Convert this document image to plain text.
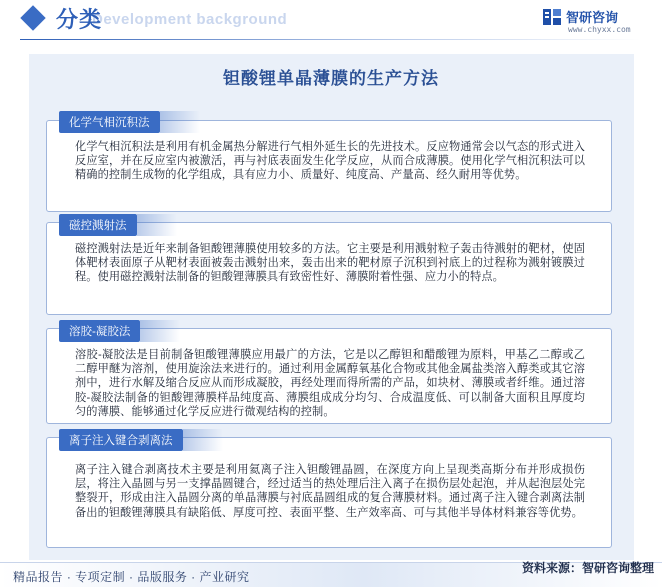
Development background
分类	智研咨询
www.chyxx.com
钽酸锂单晶薄膜的生产方法
化学气相沉积法
化学气相沉积法是利用有机金属热分解进行气相外延生长的先进技术。反应物通常会以气态的形式进入反应室，并在反应室内被激活，再与衬底表面发生化学反应，从而合成薄膜。使用化学气相沉积法可以精确的控制生成物的化学组成，具有应力小、质量好、纯度高、产量高、经久耐用等优势。
磁控溅射法
磁控溅射法是近年来制备钽酸锂薄膜使用较多的方法。它主要是利用溅射粒子轰击待溅射的靶材，使固体靶材表面原子从靶材表面被轰击溅射出来，轰击出来的靶材原子沉积到衬底上的过程称为溅射镀膜过程。使用磁控溅射法制备的钽酸锂薄膜具有致密性好、薄膜附着性强、应力小的特点。
溶胶-凝胶法
溶胶-凝胶法是目前制备钽酸锂薄膜应用最广的方法，它是以乙醇钽和醋酸锂为原料，甲基乙二醇或乙二醇甲醚为溶剂，使用旋涂法来进行的。通过利用金属醇氧基化合物或其他金属盐类溶入醇类或其它溶剂中，进行水解及缩合反应从而形成凝胶，再经处理而得所需的产品，如块材、薄膜或者纤维。通过溶胶-凝胶法制备的钽酸锂薄膜样品纯度高、薄膜组成成分均匀、合成温度低、可以制备大面积且厚度均匀的薄膜、能够通过化学反应进行微观结构的控制。
离子注入键合剥离法
离子注入键合剥离技术主要是利用氦离子注入钽酸锂晶圆，在深度方向上呈现类高斯分布并形成损伤层，将注入晶圆与另一支撑晶圆键合，经过适当的热处理后注入离子在损伤层处起泡，并从起泡层处完整裂开，形成由注入晶圆分离的单晶薄膜与衬底晶圆组成的复合薄膜材料。通过离子注入键合剥离法制备出的钽酸锂薄膜具有缺陷低、厚度可控、表面平整、生产效率高、可与其他半导体材料兼容等优势。
精品报告 · 专项定制 · 品版服务 · 产业研究
资料来源：智研咨询整理
